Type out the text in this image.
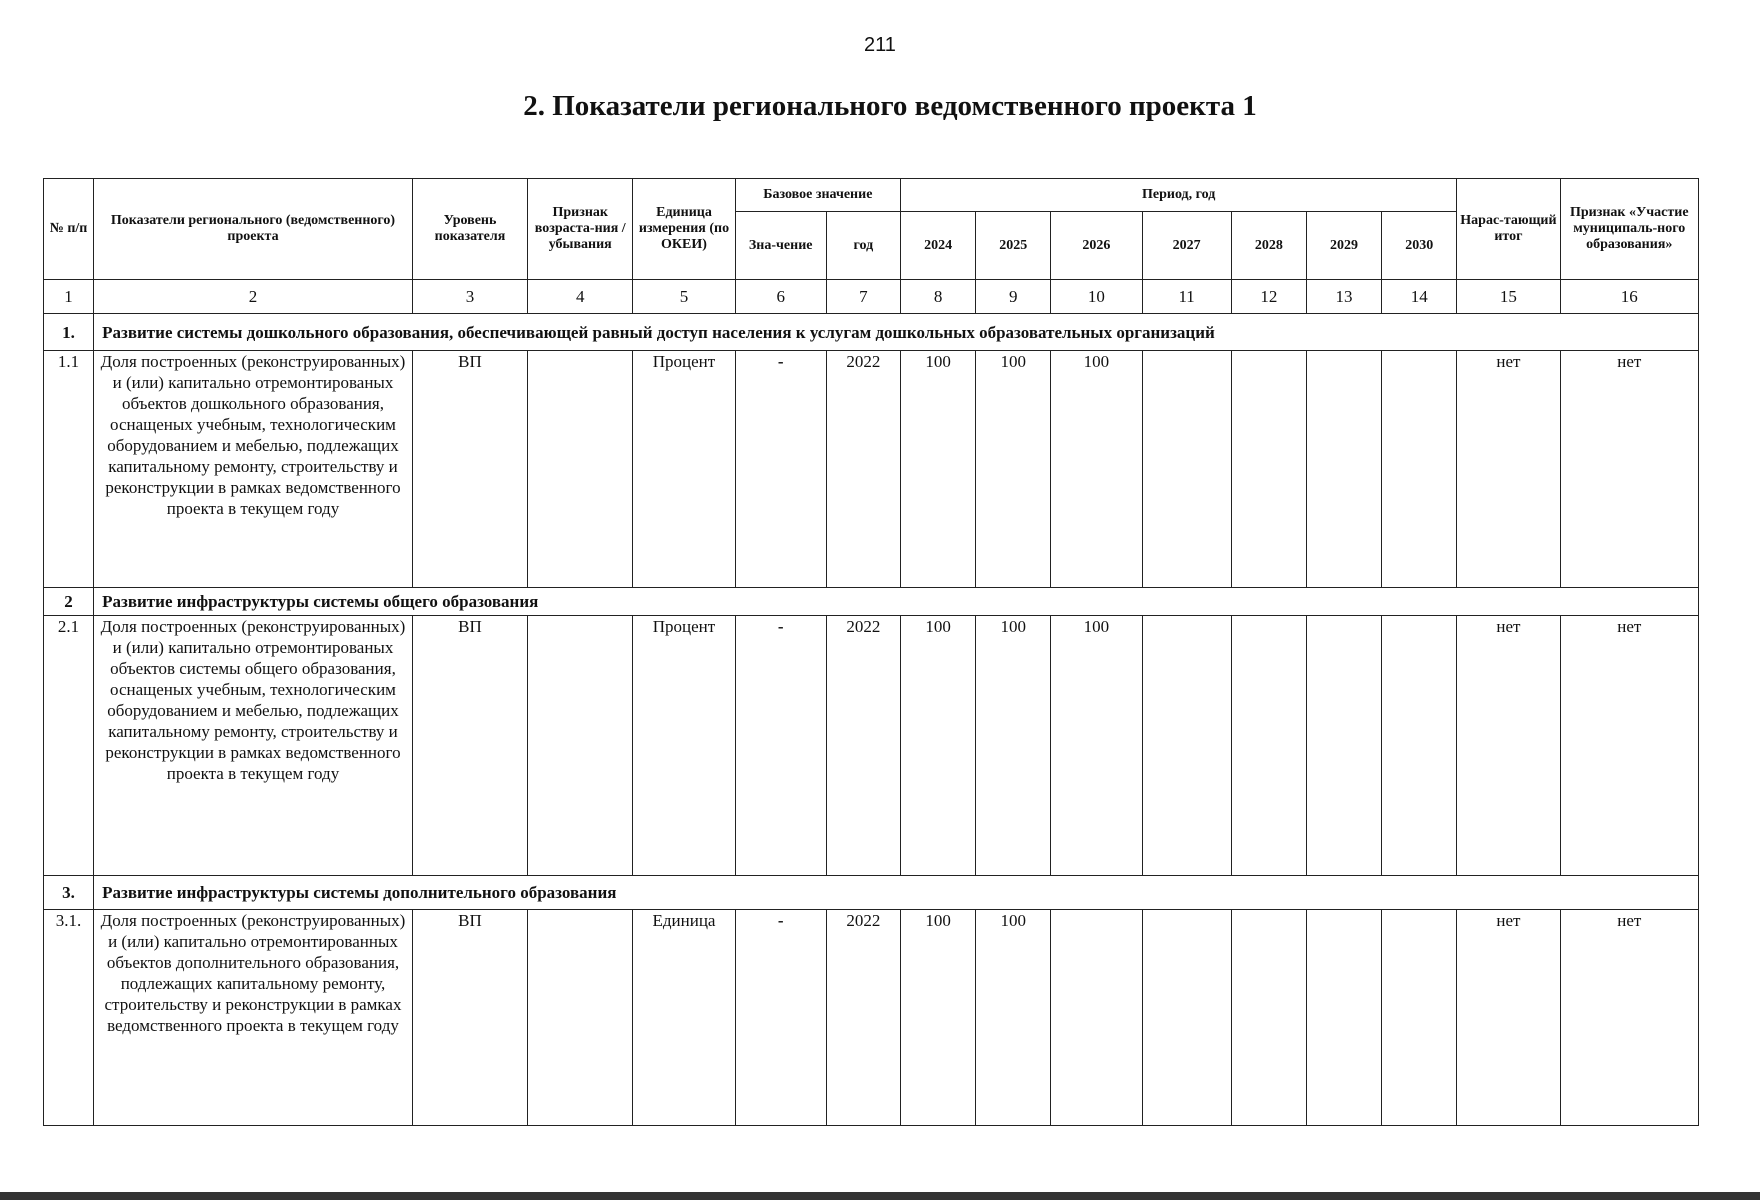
211
2. Показатели регионального ведомственного проекта 1
№ п/п	Показатели регионального (ведомственного) проекта	Уровень показателя	Признак возраста-ния / убывания	Единица измерения (по ОКЕИ)	Базовое значение		Период, год							Нарас-тающий итог	Признак «Участие муниципаль-ного образования»
					Зна-чение	год	2024	2025	2026	2027	2028	2029	2030		
1	2	3	4	5	6	7	8	9	10	11	12	13	14	15	16
1.	Развитие системы дошкольного образования, обеспечивающей равный доступ населения к услугам дошкольных образовательных организаций														
1.1	Доля построенных (реконструированных) и (или) капитально отремонтированых объектов дошкольного образования, оснащеных учебным, технологическим оборудованием и мебелью, подлежащих капитальному ремонту, строительству и реконструкции в рамках ведомственного проекта в текущем году	ВП		Процент	-	2022	100	100	100					нет	нет
2	Развитие инфраструктуры системы общего образования														
2.1	Доля построенных (реконструированных) и (или) капитально отремонтированых объектов системы общего образования, оснащеных учебным, технологическим оборудованием и мебелью, подлежащих капитальному ремонту, строительству и реконструкции в рамках ведомственного проекта в текущем году	ВП		Процент	-	2022	100	100	100					нет	нет
3.	Развитие инфраструктуры системы дополнительного образования														
3.1.	Доля построенных (реконструированных) и (или) капитально отремонтированных объектов дополнительного образования, подлежащих капитальному ремонту, строительству и реконструкции в рамках ведомственного проекта в текущем году	ВП		Единица	-	2022	100	100						нет	нет
